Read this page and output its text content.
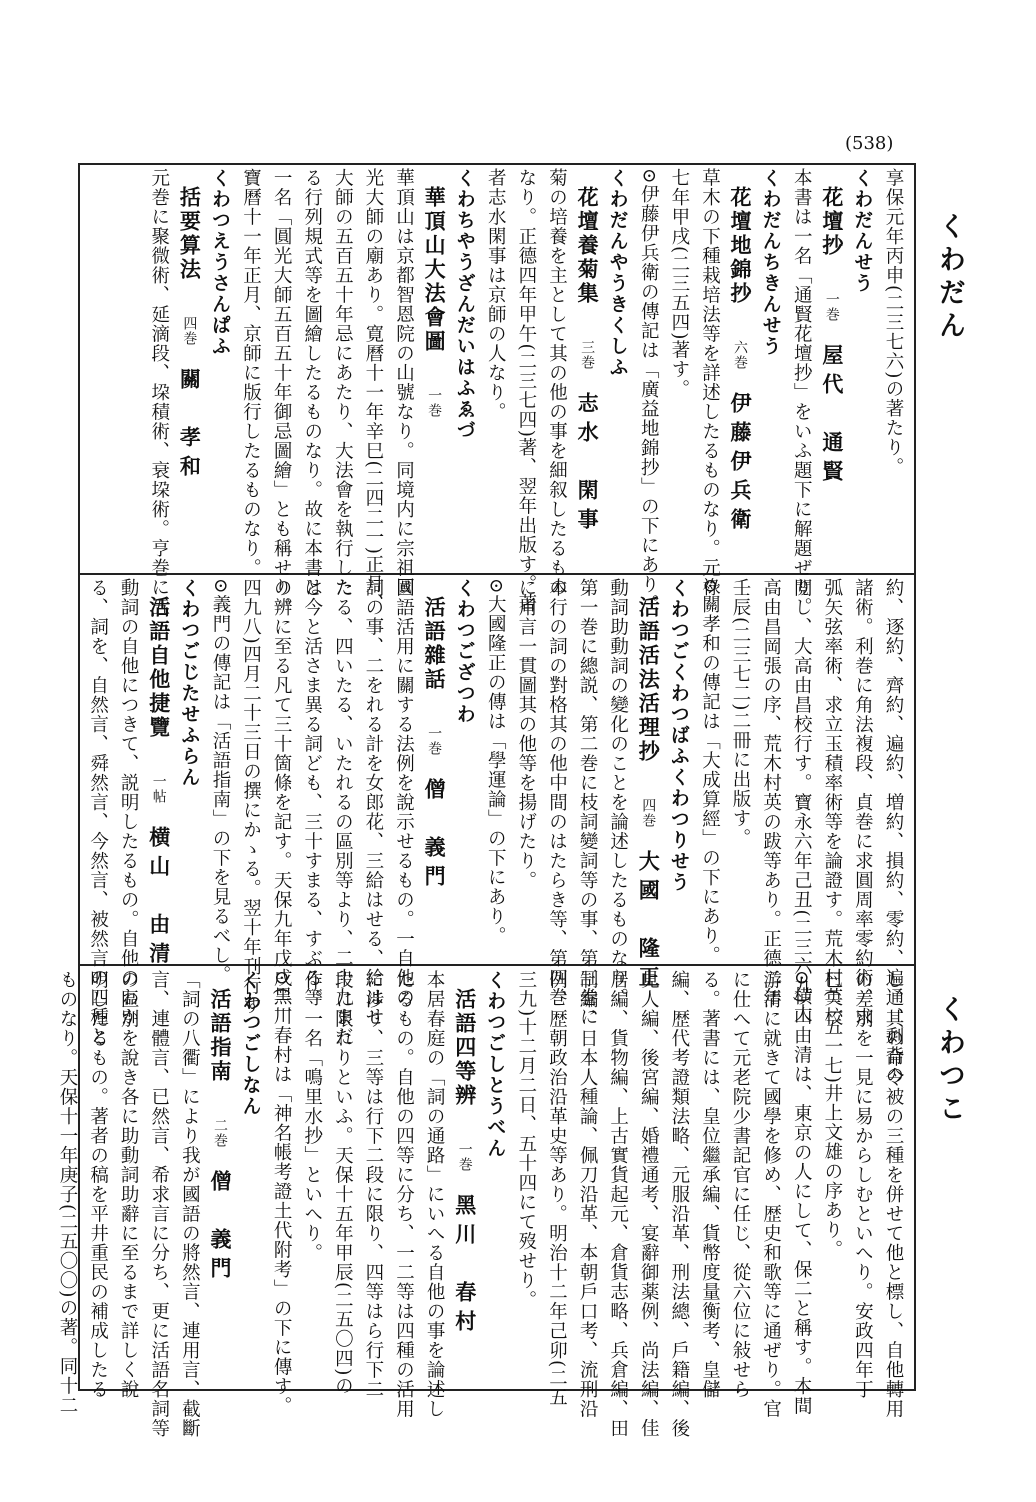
(538)
くわだん
くわつこ
享保元年丙申(二三七六)の著たり。
くわだんせう
花壇抄一巻屋代　通賢
本書は一名「通賢花壇抄」をいふ題下に解題ぜり。
くわだんちきんせう
花壇地錦抄六巻伊藤伊兵衛
草木の下種栽培法等を詳述したるものなり。元祿
七年甲戌(二三五四)著す。
⊙伊藤伊兵衛の傳記は「廣益地錦抄」の下にあり。
くわだんやうきくしふ
花壇養菊集三巻志水　閑事
菊の培養を主として其の他の事を細叙したるもの
なり。正德四年甲午(二三七四)著、翌年出版す。著
者志水閑事は京師の人なり。
くわちやうざんだいはふゑづ
華頂山大法會圖一巻
華頂山は京都智恩院の山號なり。同境内に宗祖圓
光大師の廟あり。寛曆十一年辛巳(二四二一)正月、
大師の五百五十年忌にあたり、大法會を執行した
る行列規式等を圖繪したるものなり。故に本書は
一名「圓光大師五百五十年御忌圖繪」とも稱せり。
寶曆十一年正月、京師に版行したるものなり。
くわつえうさんぱふ
括要算法四巻關　孝和
元巻に聚微術、延滴段、垜積術、衰垜術。亨巻に五
約、逐約、齊約、遍約、増約、損約、零約、遍通、剩背の
諸術。利巻に角法複段、貞巻に求圓周率零約術、求
弧矢弦率術、求立玉積率術等を論證す。荒木村英校
閲し、大高由昌校行す。寶永六年己丑(二三六九)大
高由昌岡張の序、荒木村英の跋等あり。正德二年
壬辰(二三七二)二冊に出版す。
⊙關孝和の傳記は「大成算經」の下にあり。
くわつごくわつばふくわつりせう
活語活法活理抄四巻大國　隆正
動詞助動詞の變化のことを論述したるものなり。
第一巻に總説、第二巻に枝詞變詞等の事、第三巻に
本行の詞の對格其の他中間のはたらき等、第四巻
に用言一貫圖其の他等を揚げたり。
⊙大國隆正の傳は「學運論」の下にあり。
くわつござつわ
活語雜話一巻僧　義門
國語活用に關する法例を說示せるもの。一自他の
詞の事、二をれる計を女郎花、三給はせる、給はせ
たる、四いたる、いたれるの區別等より、二十九まだ
と今と活さま異る詞ども、三十すまる、すぶる等
の辨に至る凡て三十箇條を記す。天保九年戊戌(二
四九八)四月二十三日の撰にかゝる。翌十年刊行す
⊙義門の傳記は「活語指南」の下を見るべし。
くわつごじたせふらん
活語自他捷覽一帖横山　由清
動詞の自他につきて、説明したるもの。自他のわか
る、詞を、自然言、舜然言、今然言、被然言の四種と
し、其の命令被の三種を併せて他と標し、自他轉用
の差別を一見に易からしむといへり。安政四年丁
巳(二五一七)井上文雄の序あり。
⊙横山由清は、東京の人にして、保二と稱す。本間
游清に就きて國學を修め、歴史和歌等に通ぜり。官
に仕へて元老院少書記官に任じ、從六位に敍せら
る。著書には、皇位繼承編、貨幣度量衡考、皇儲
編、歴代考證類法略、元服沿革、刑法總、戶籍編、後
見人編、後宮編、婚禮通考、宴辭御薬例、尚法編、佳
居編、貨物編、上古實貨起元、倉貨志略、兵倉編、田
制編、日本人種論、佩刀沿革、本朝戶口考、流刑沿
例、歴朝政治沿革史等あり。明治十二年己卯(二五
三九)十二月二日、五十四にて歿せり。
くわつごしとうべん
活語四等辨一巻黑川　春村
本居春庭の「詞の通路」にいへる自他の事を論述し
たるもの。自他の四等に分ち、一二等は四種の活用
に涉り、三等は行下二段に限り、四等はら行下二
段に限れりといふ。天保十五年甲辰(二五〇四)の
作。一名「鳴里水抄」といへり。
⊙黑川春村は「神名帳考證土代附考」の下に傳す。
くわつごしなん
活語指南二巻僧　義門
「詞の八衢」により我が國語の將然言、連用言、截斷
言、連體言、已然言、希求言に分ち、更に活語名詞等
の區別を說き各に助動詞助辭に至るまで詳しく說
明したるもの。著者の稿を平井重民の補成したる
ものなり。天保十一年庚子(二五〇〇)の著。同十二
